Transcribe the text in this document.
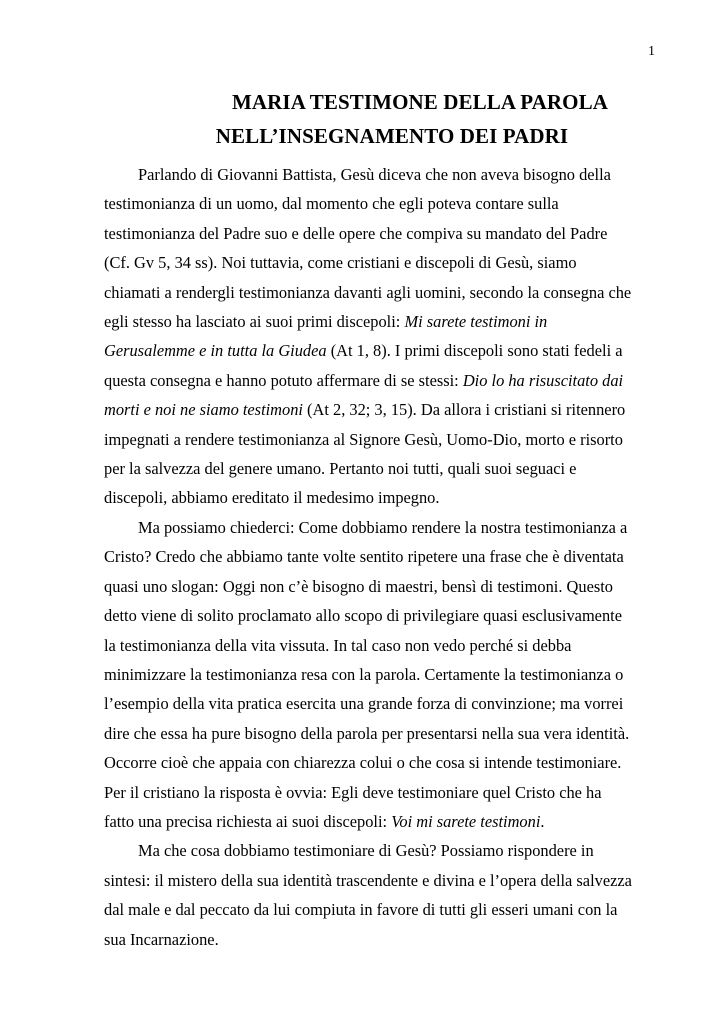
1
MARIA TESTIMONE DELLA PAROLA
NELL’INSEGNAMENTO DEI PADRI
Parlando di Giovanni Battista, Gesù diceva che non aveva bisogno della
testimonianza di un uomo, dal momento che egli poteva contare sulla
testimonianza del Padre suo e delle opere che compiva su mandato del Padre
(Cf. Gv 5, 34 ss). Noi tuttavia, come cristiani e discepoli di Gesù, siamo
chiamati a rendergli testimonianza davanti agli uomini, secondo la consegna che
egli stesso ha lasciato ai suoi primi discepoli: Mi sarete testimoni in
Gerusalemme e in tutta la Giudea (At 1, 8). I primi discepoli sono stati fedeli a
questa consegna e hanno potuto affermare di se stessi: Dio lo ha risuscitato dai
morti e noi ne siamo testimoni (At 2, 32; 3, 15). Da allora i cristiani si ritennero
impegnati a rendere testimonianza al Signore Gesù, Uomo-Dio, morto e risorto
per la salvezza del genere umano. Pertanto noi tutti, quali suoi seguaci e
discepoli, abbiamo ereditato il medesimo impegno.
Ma possiamo chiederci: Come dobbiamo rendere la nostra testimonianza a
Cristo? Credo che abbiamo tante volte sentito ripetere una frase che è diventata
quasi uno slogan: Oggi non c’è bisogno di maestri, bensì di testimoni. Questo
detto viene di solito proclamato allo scopo di privilegiare quasi esclusivamente
la testimonianza della vita vissuta. In tal caso non vedo perché si debba
minimizzare la testimonianza resa con la parola. Certamente la testimonianza o
l’esempio della vita pratica esercita una grande forza di convinzione; ma vorrei
dire che essa ha pure bisogno della parola per presentarsi nella sua vera identità.
Occorre cioè che appaia con chiarezza colui o che cosa si intende testimoniare.
Per il cristiano la risposta è ovvia: Egli deve testimoniare quel Cristo che ha
fatto una precisa richiesta ai suoi discepoli: Voi mi sarete testimoni.
Ma che cosa dobbiamo testimoniare di Gesù? Possiamo rispondere in
sintesi: il mistero della sua identità trascendente e divina e l’opera della salvezza
dal male e dal peccato da lui compiuta in favore di tutti gli esseri umani con la
sua Incarnazione.
